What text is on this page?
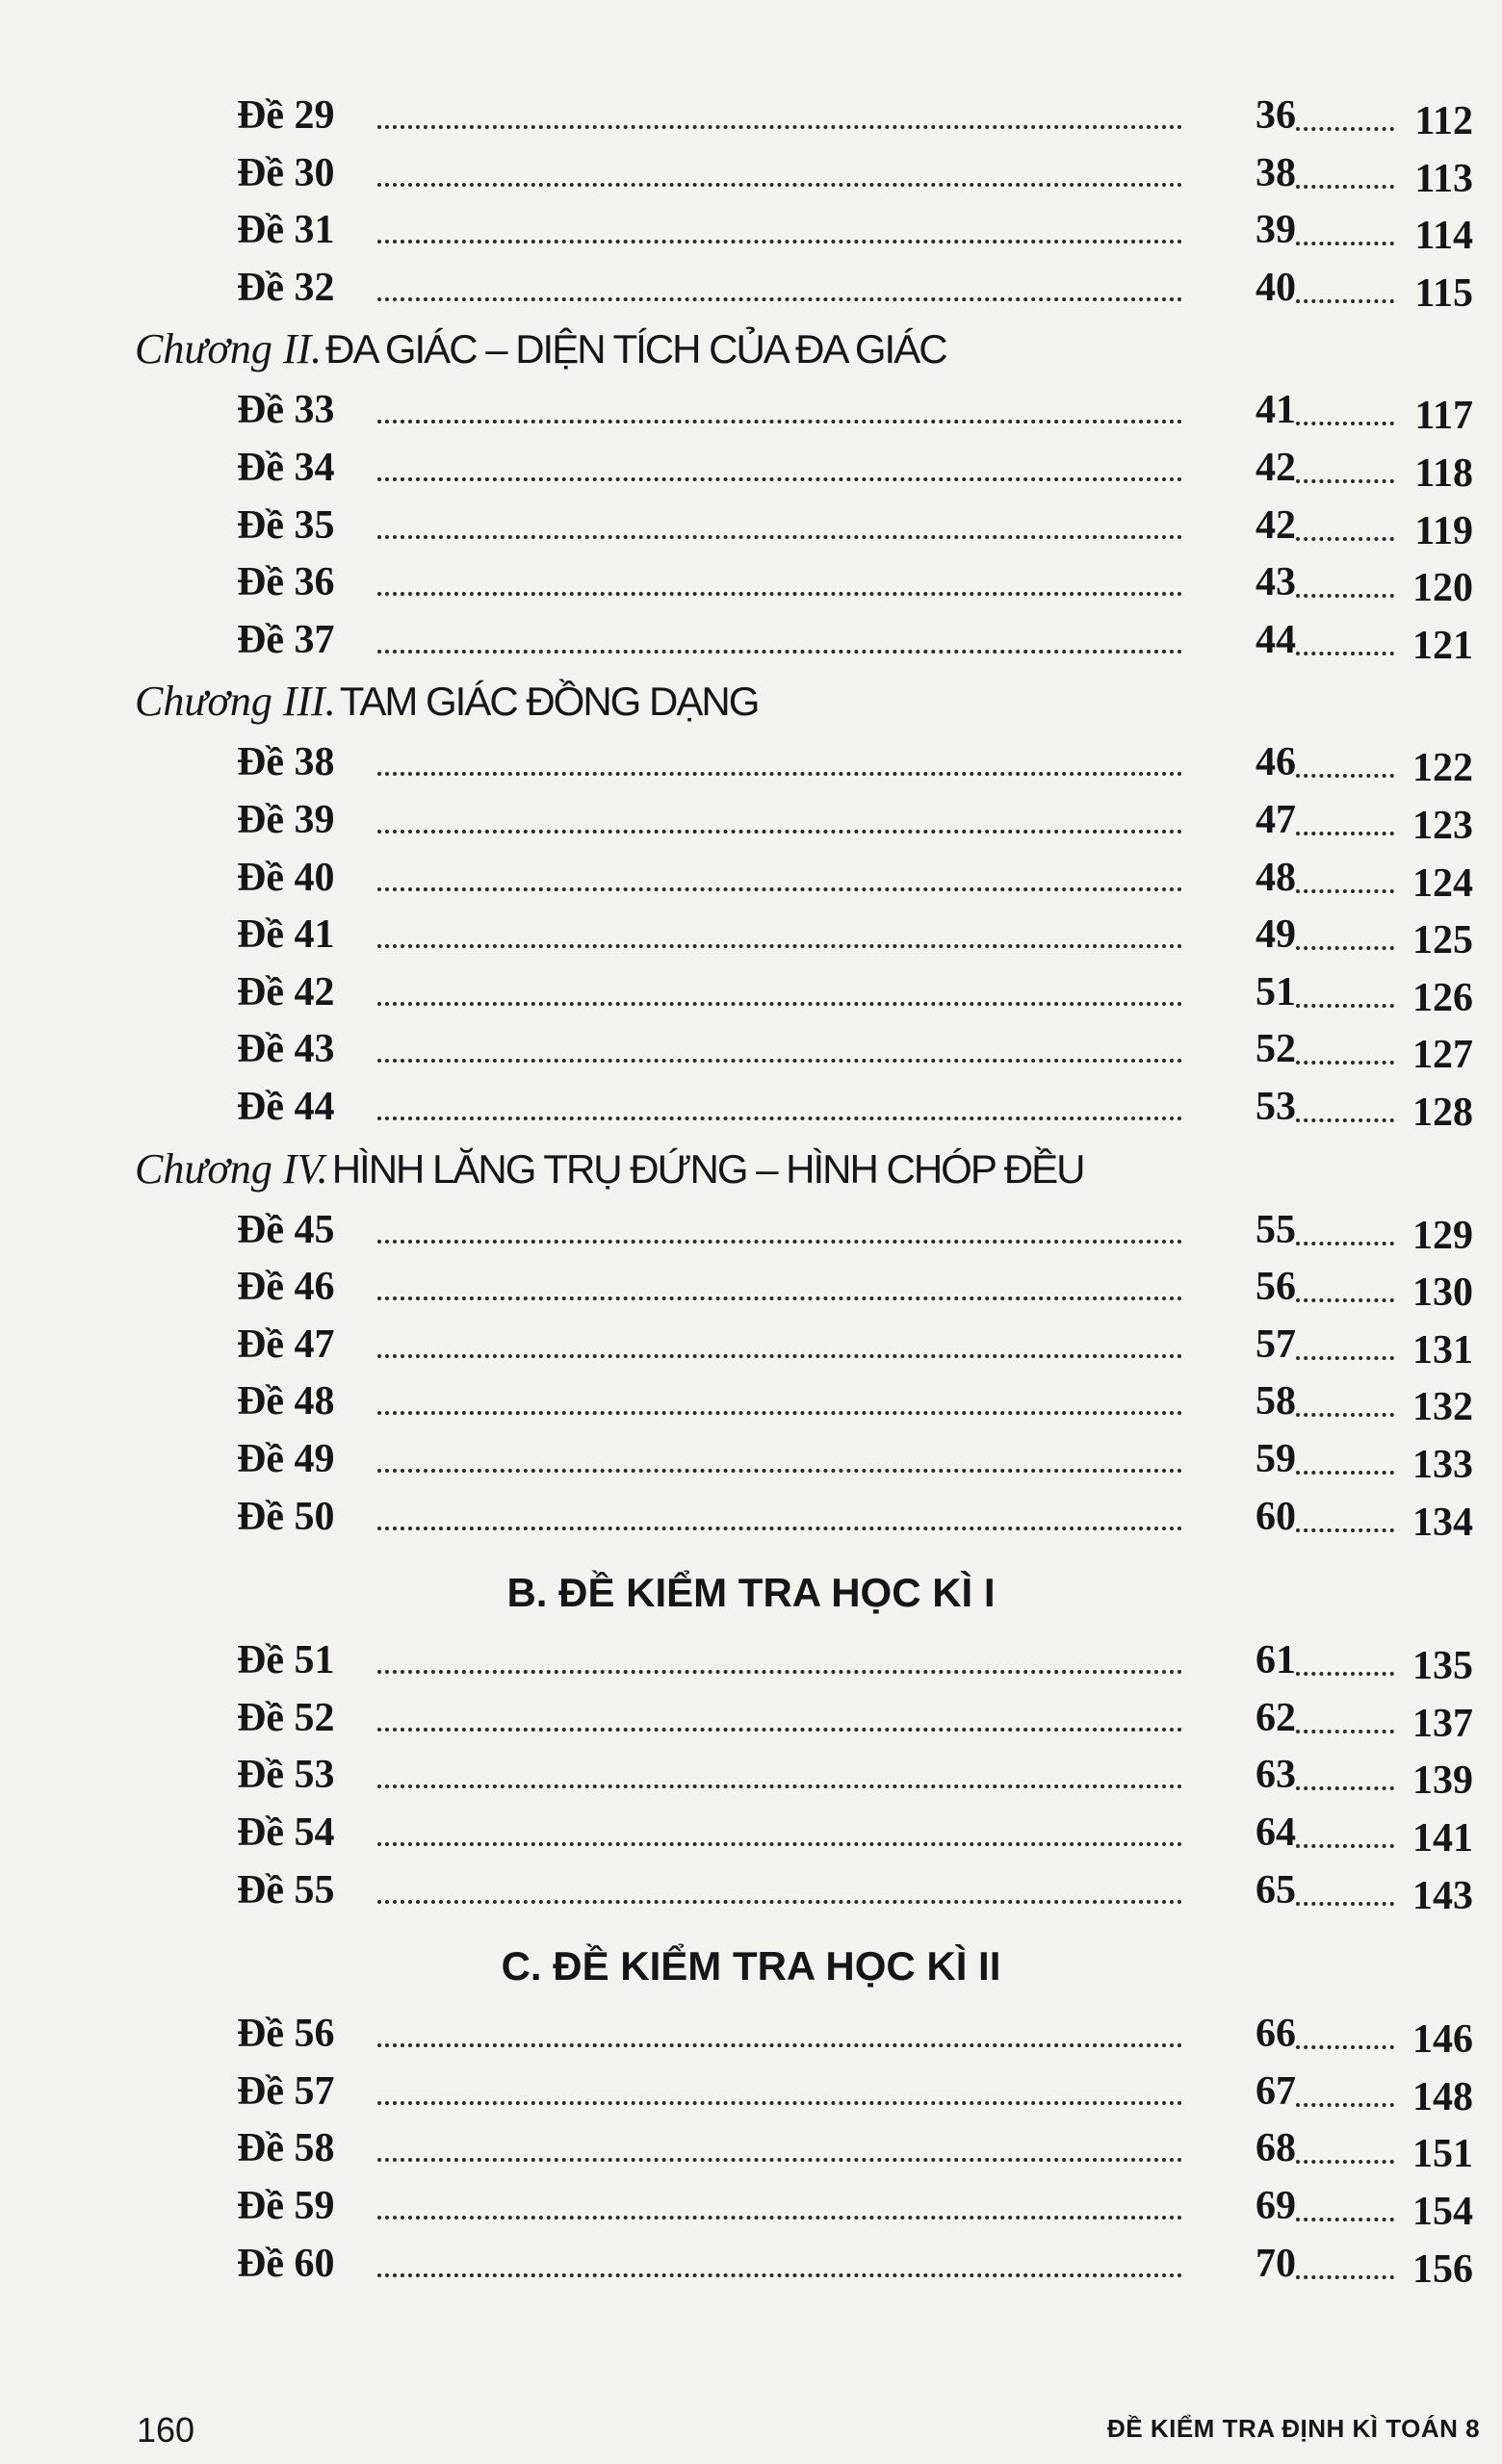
Đề 29	36	112
Đề 30	38	113
Đề 31	39	114
Đề 32	40	115
Chương II. ĐA GIÁC – DIỆN TÍCH CỦA ĐA GIÁC
Đề 33	41	117
Đề 34	42	118
Đề 35	42	119
Đề 36	43	120
Đề 37	44	121
Chương III. TAM GIÁC ĐỒNG DẠNG
Đề 38	46	122
Đề 39	47	123
Đề 40	48	124
Đề 41	49	125
Đề 42	51	126
Đề 43	52	127
Đề 44	53	128
Chương IV. HÌNH LĂNG TRỤ ĐỨNG – HÌNH CHÓP ĐỀU
Đề 45	55	129
Đề 46	56	130
Đề 47	57	131
Đề 48	58	132
Đề 49	59	133
Đề 50	60	134
B. ĐỀ KIỂM TRA HỌC KÌ I
Đề 51	61	135
Đề 52	62	137
Đề 53	63	139
Đề 54	64	141
Đề 55	65	143
C. ĐỀ KIỂM TRA HỌC KÌ II
Đề 56	66	146
Đề 57	67	148
Đề 58	68	151
Đề 59	69	154
Đề 60	70	156
160	ĐỀ KIỂM TRA ĐỊNH KÌ TOÁN 8
